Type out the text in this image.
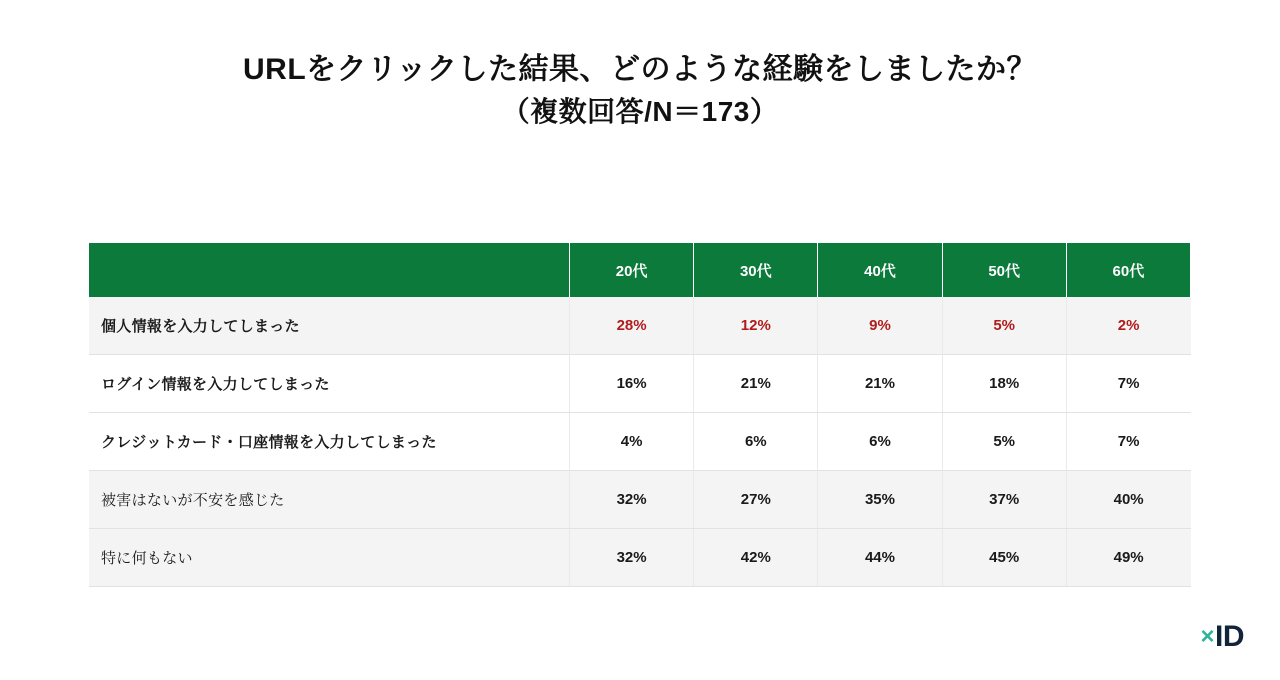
URLをクリックした結果、どのような経験をしましたか？
（複数回答/N＝173）
	20代	30代	40代	50代	60代
個人情報を入力してしまった	28%	12%	9%	5%	2%
ログイン情報を入力してしまった	16%	21%	21%	18%	7%
クレジットカード・口座情報を入力してしまった	4%	6%	6%	5%	7%
被害はないが不安を感じた	32%	27%	35%	37%	40%
特に何もない	32%	42%	44%	45%	49%
× ID
